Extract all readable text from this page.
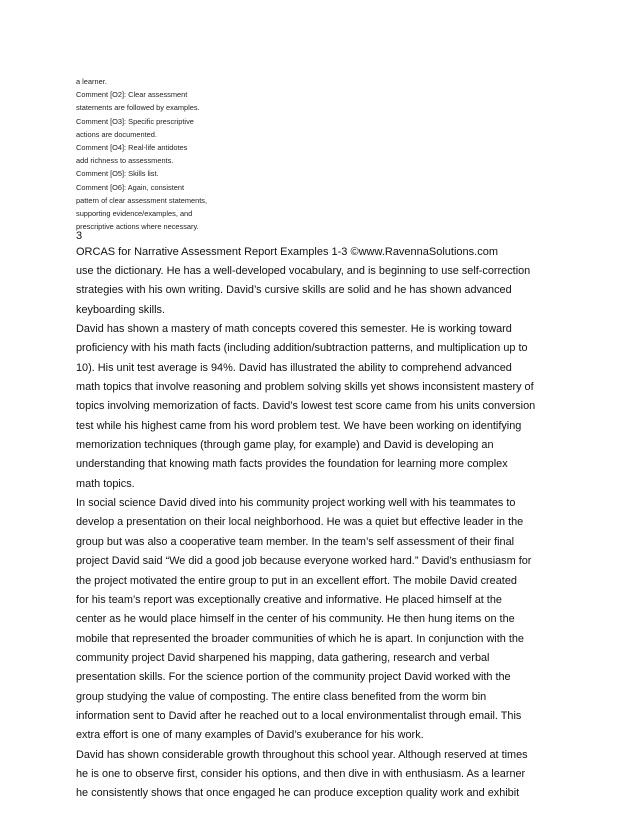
a learner.
Comment [O2]: Clear assessment
statements are followed by examples.
Comment [O3]: Specific prescriptive
actions are documented.
Comment [O4]: Real-life antidotes
add richness to assessments.
Comment [O5]: Skills list.
Comment [O6]: Again, consistent
pattern of clear assessment statements,
supporting evidence/examples, and
prescriptive actions where necessary.
3
ORCAS for Narrative Assessment Report Examples 1-3 ©www.RavennaSolutions.com
use the dictionary. He has a well-developed vocabulary, and is beginning to use self-correction
strategies with his own writing. David’s cursive skills are solid and he has shown advanced
keyboarding skills.
David has shown a mastery of math concepts covered this semester. He is working toward
proficiency with his math facts (including addition/subtraction patterns, and multiplication up to
10). His unit test average is 94%. David has illustrated the ability to comprehend advanced
math topics that involve reasoning and problem solving skills yet shows inconsistent mastery of
topics involving memorization of facts. David’s lowest test score came from his units conversion
test while his highest came from his word problem test. We have been working on identifying
memorization techniques (through game play, for example) and David is developing an
understanding that knowing math facts provides the foundation for learning more complex
math topics.
In social science David dived into his community project working well with his teammates to
develop a presentation on their local neighborhood. He was a quiet but effective leader in the
group but was also a cooperative team member. In the team’s self assessment of their final
project David said “We did a good job because everyone worked hard.” David’s enthusiasm for
the project motivated the entire group to put in an excellent effort. The mobile David created
for his team’s report was exceptionally creative and informative. He placed himself at the
center as he would place himself in the center of his community. He then hung items on the
mobile that represented the broader communities of which he is apart. In conjunction with the
community project David sharpened his mapping, data gathering, research and verbal
presentation skills. For the science portion of the community project David worked with the
group studying the value of composting. The entire class benefited from the worm bin
information sent to David after he reached out to a local environmentalist through email. This
extra effort is one of many examples of David’s exuberance for his work.
David has shown considerable growth throughout this school year. Although reserved at times
he is one to observe first, consider his options, and then dive in with enthusiasm. As a learner
he consistently shows that once engaged he can produce exception quality work and exhibit
